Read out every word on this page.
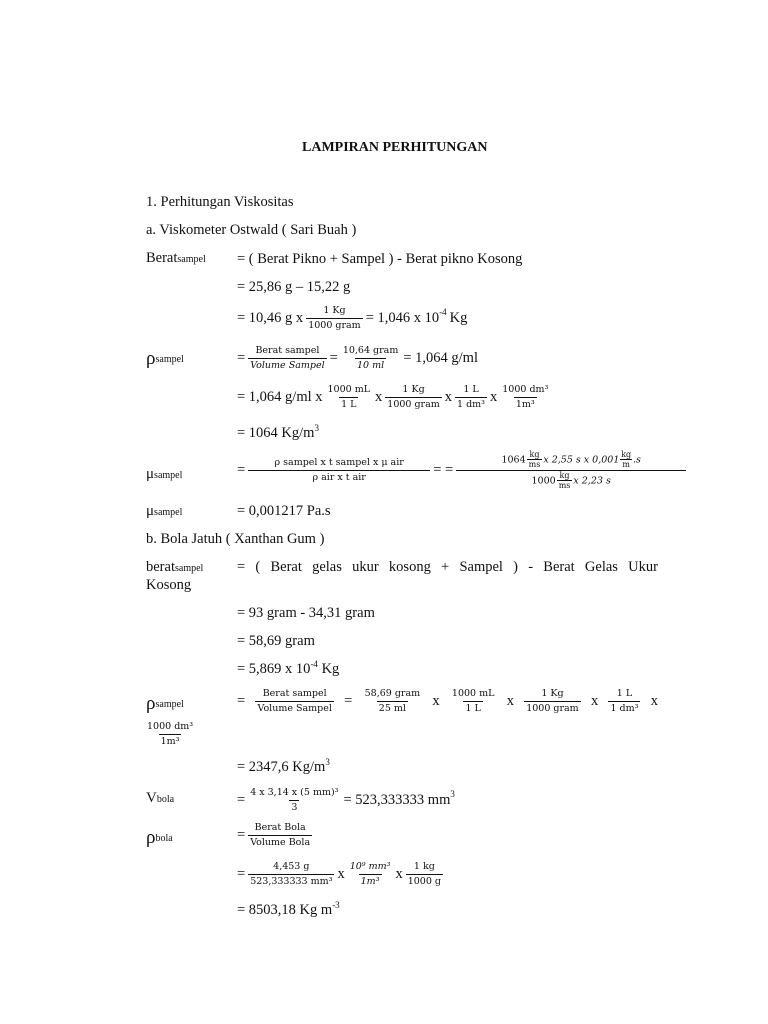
LAMPIRAN PERHITUNGAN
1. Perhitungan Viskositas
a. Viskometer Ostwald ( Sari Buah )
Beratsampel = ( Berat Pikno + Sampel ) - Berat pikno Kosong
= 25,86 g – 15,22 g
= 10,46 g x 1 Kg
1000 gram = 1,046 x 10 -4 Kg
ρsampel	= Berat sampel
Volume Sampel = 10,64 gram
10 ml = 1,064 g/ml
= 1,064 g/ml x $\frac{1000 mL}{1 L}$ x 1 Kg
1000 gram x $\frac{1 L}{\text{1 dm³}}$ x $\frac{\text{1000 dm³}}{\text{1m³}}$
= 1064 $Kg/m^3$
μsampel	=	ρ sampel x t sampel x μ air
ρ air x t air	= =
$1064 \frac{kg}{ms}$ x 2,55 s x $0,001 \frac{kg}{m} .s$
$1000 \frac{kg}{ms}$ x 2,23 s
μsampel	= 0,001217 Pa.s
b. Bola Jatuh ( Xanthan Gum )
beratsampel = ( Berat gelas ukur kosong + Sampel ) - Berat Gelas Ukur
Kosong
= 93 gram - 34,31 gram
= 58,69 gram
= 5,869 x $10^{-4}$ Kg
ρsampel	= Berat sampel
Volume Sampel = 58,69 gram
25 ml x $\frac{1000 mL}{1 L}$ x	1 Kg
1000 gram x $\frac{1 L}{\text{1 dm³}}$ x
$\frac{\text{1000 dm³}}{\text{1m³}}$
= 2347,6 $Kg/m^3$
Vbola	= $\frac{\text{4 x 3,14 x (5 mm)³}}{3} = 523,333333$ mm 3
ρbola	= Berat Bola
Volume Bola
= $\frac{4,453 g}{\text{523,333333 mm³}}$ x $\frac{\text{10⁹ mm³}}{\text{1m³}}$ x $\frac{1 kg}{1000 g}$
= 8503,18 Kg $m^{-3}$
